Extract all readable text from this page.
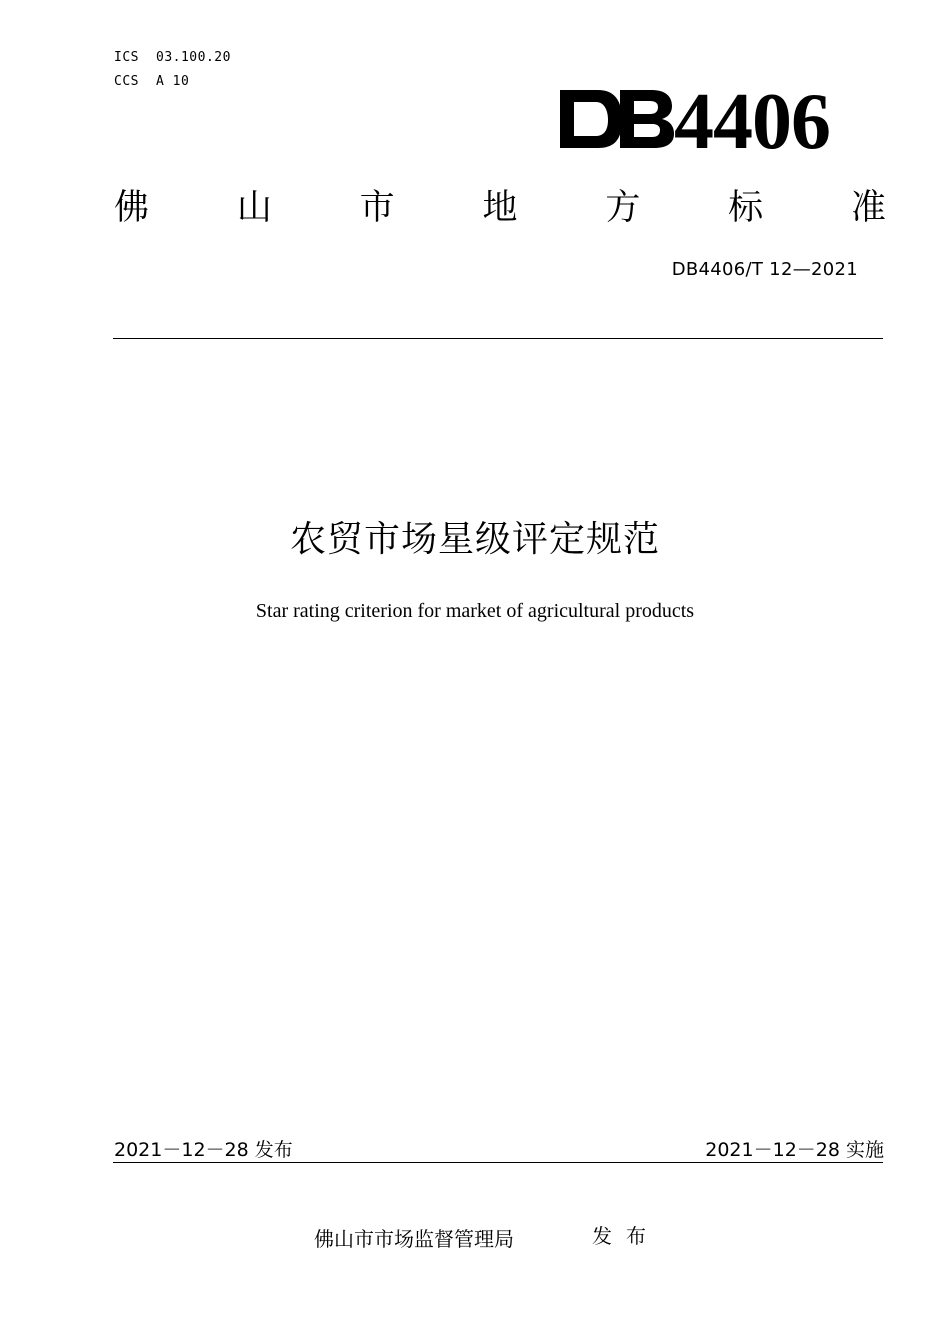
ICS 03.100.20
CCS A 10	4406
佛	山	市	地	方	标	准
DB4406/T 12—2021
农贸市场星级评定规范
Star rating criterion for market of agricultural products
2021－12－28 发布	2021－12－28 实施
佛山市市场监督管理局	发布
